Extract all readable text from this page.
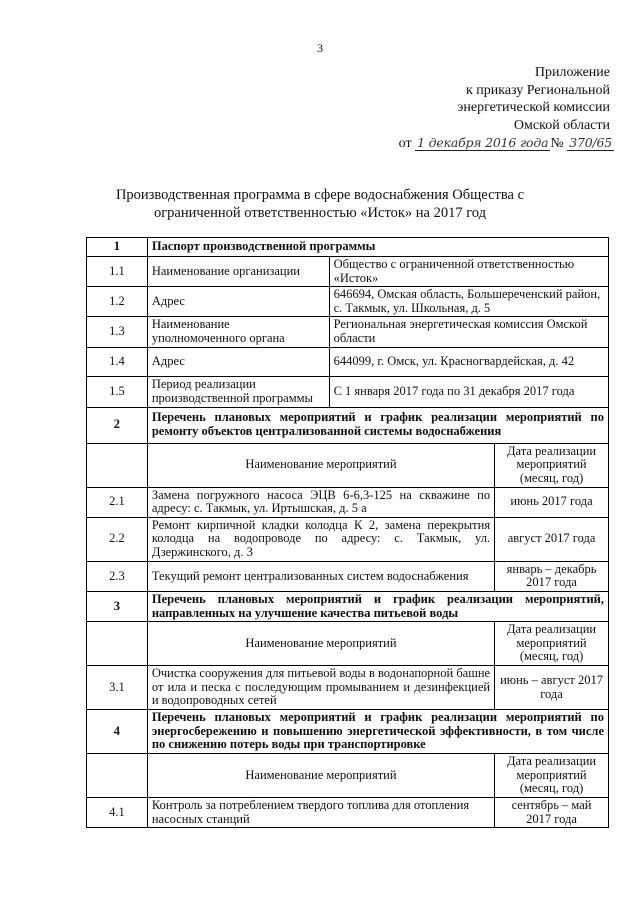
3
Приложение
к приказу Региональной
энергетической комиссии
Омской области
от 1 декабря 2016 года № 370/65
Производственная программа в сфере водоснабжения Общества с
ограниченной ответственностью «Исток» на 2017 год
1	Паспорт производственной программы		
1.1	Наименование организации	Общество с ограниченной ответственностью «Исток»	
1.2	Адрес	646694, Омская область, Большереченский район, с. Такмык, ул. Школьная, д. 5	
1.3	Наименование уполномоченного органа	Региональная энергетическая комиссия Омской области	
1.4	Адрес	644099, г. Омск, ул. Красногвардейская, д. 42	
1.5	Период реализации производственной программы	С 1 января 2017 года по 31 декабря 2017 года	
2	Перечень плановых мероприятий и график реализации мероприятий по ремонту объектов централизованной системы водоснабжения		
	Наименование мероприятий		Дата реализации мероприятий (месяц, год)
2.1	Замена погружного насоса ЭЦВ 6-6,3-125 на скважине по адресу: с. Такмык, ул. Иртышская, д. 5 а		июнь 2017 года
2.2	Ремонт кирпичной кладки колодца К 2, замена перекрытия колодца на водопроводе по адресу: с. Такмык, ул. Дзержинского, д. 3		август 2017 года
2.3	Текущий ремонт централизованных систем водоснабжения		январь – декабрь 2017 года
3	Перечень плановых мероприятий и график реализации мероприятий, направленных на улучшение качества питьевой воды		
	Наименование мероприятий		Дата реализации мероприятий (месяц, год)
3.1	Очистка сооружения для питьевой воды в водонапорной башне от ила и песка с последующим промыванием и дезинфекцией и водопроводных сетей		июнь – август 2017 года
4	Перечень плановых мероприятий и график реализации мероприятий по энергосбережению и повышению энергетической эффективности, в том числе по снижению потерь воды при транспортировке		
	Наименование мероприятий		Дата реализации мероприятий (месяц, год)
4.1	Контроль за потреблением твердого топлива для отопления насосных станций		сентябрь – май 2017 года
